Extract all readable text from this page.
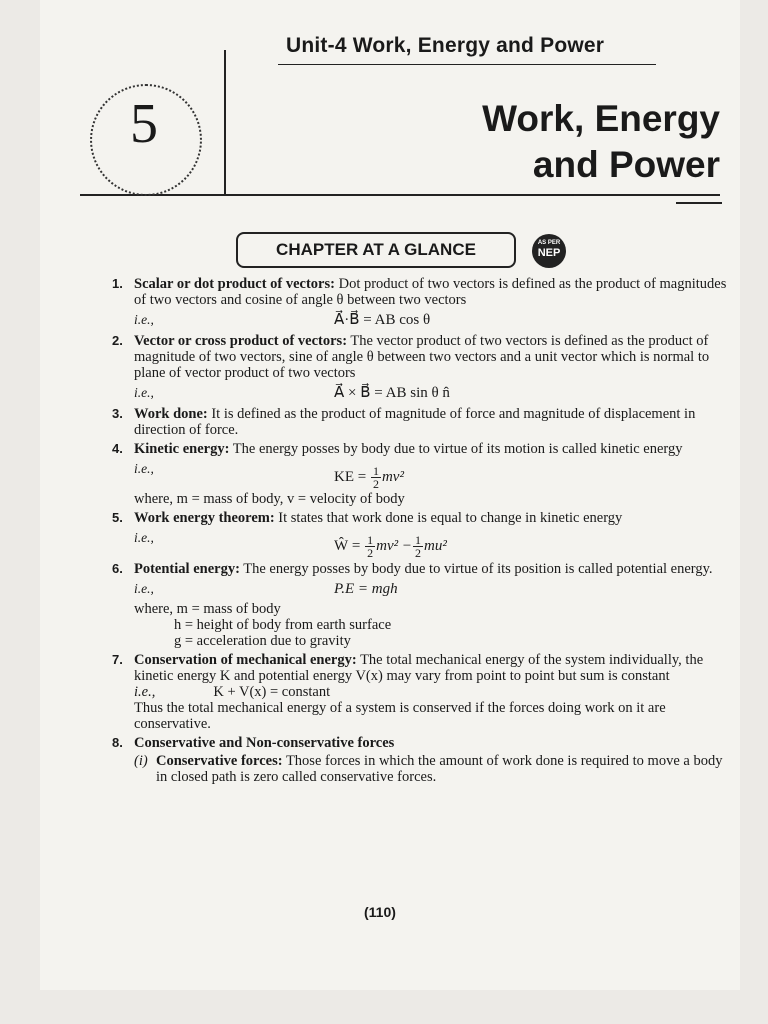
Unit-4 Work, Energy and Power
5	Work, Energy
and Power
CHAPTER AT A GLANCE	AS PER
NEP
1. Scalar or dot product of vectors: Dot product of two vectors is defined as the product of magnitudes of two vectors and cosine of angle θ between two vectors
i.e.,	A⃗·B⃗ = AB cos θ
2. Vector or cross product of vectors: The vector product of two vectors is defined as the product of magnitude of two vectors, sine of angle θ between two vectors and a unit vector which is normal to plane of vector product of two vectors
i.e.,	A⃗ × B⃗ = AB sin θ n̂
3. Work done: It is defined as the product of magnitude of force and magnitude of displacement in direction of force.
4. Kinetic energy: The energy posses by body due to virtue of its motion is called kinetic energy
i.e.,
KE = $\frac{1}{2} mv^2$
where, m = mass of body, v = velocity of body
5. Work energy theorem: It states that work done is equal to change in kinetic energy
i.e.,
Ŵ = $\frac{1}{2} mv^2 - \frac{1}{2} mu^2$
6. Potential energy: The energy posses by body due to virtue of its position is called potential energy.
i.e.,	P.E = mgh
where, m = mass of body
h = height of body from earth surface
g = acceleration due to gravity
7. Conservation of mechanical energy: The total mechanical energy of the system individually, the kinetic energy K and potential energy V(x) may vary from point to point but sum is constant i.e.,	K + V(x) = constant
Thus the total mechanical energy of a system is conserved if the forces doing work on it are conservative.
8. Conservative and Non-conservative forces
(i) Conservative forces: Those forces in which the amount of work done is required to move a body in closed path is zero called conservative forces.
(110)
